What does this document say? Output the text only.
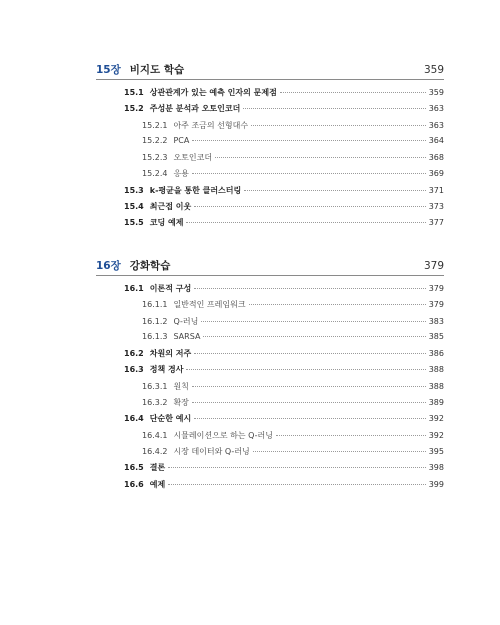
15장 비지도 학습	359
15.1 상관관계가 있는 예측 인자의 문제점	359
15.2 주성분 분석과 오토인코더	363
15.2.1 아주 조금의 선형대수	363
15.2.2 PCA	364
15.2.3 오토인코더	368
15.2.4 응용	369
15.3 k-평균을 통한 클러스터링	371
15.4 최근접 이웃	373
15.5 코딩 예제	377
16장 강화학습	379
16.1 이론적 구성	379
16.1.1 일반적인 프레임워크	379
16.1.2 Q-러닝	383
16.1.3 SARSA	385
16.2 차원의 저주	386
16.3 정책 경사	388
16.3.1 원칙	388
16.3.2 확장	389
16.4 단순한 예시	392
16.4.1 시뮬레이션으로 하는 Q-러닝	392
16.4.2 시장 데이터와 Q-러닝	395
16.5 결론	398
16.6 예제	399
